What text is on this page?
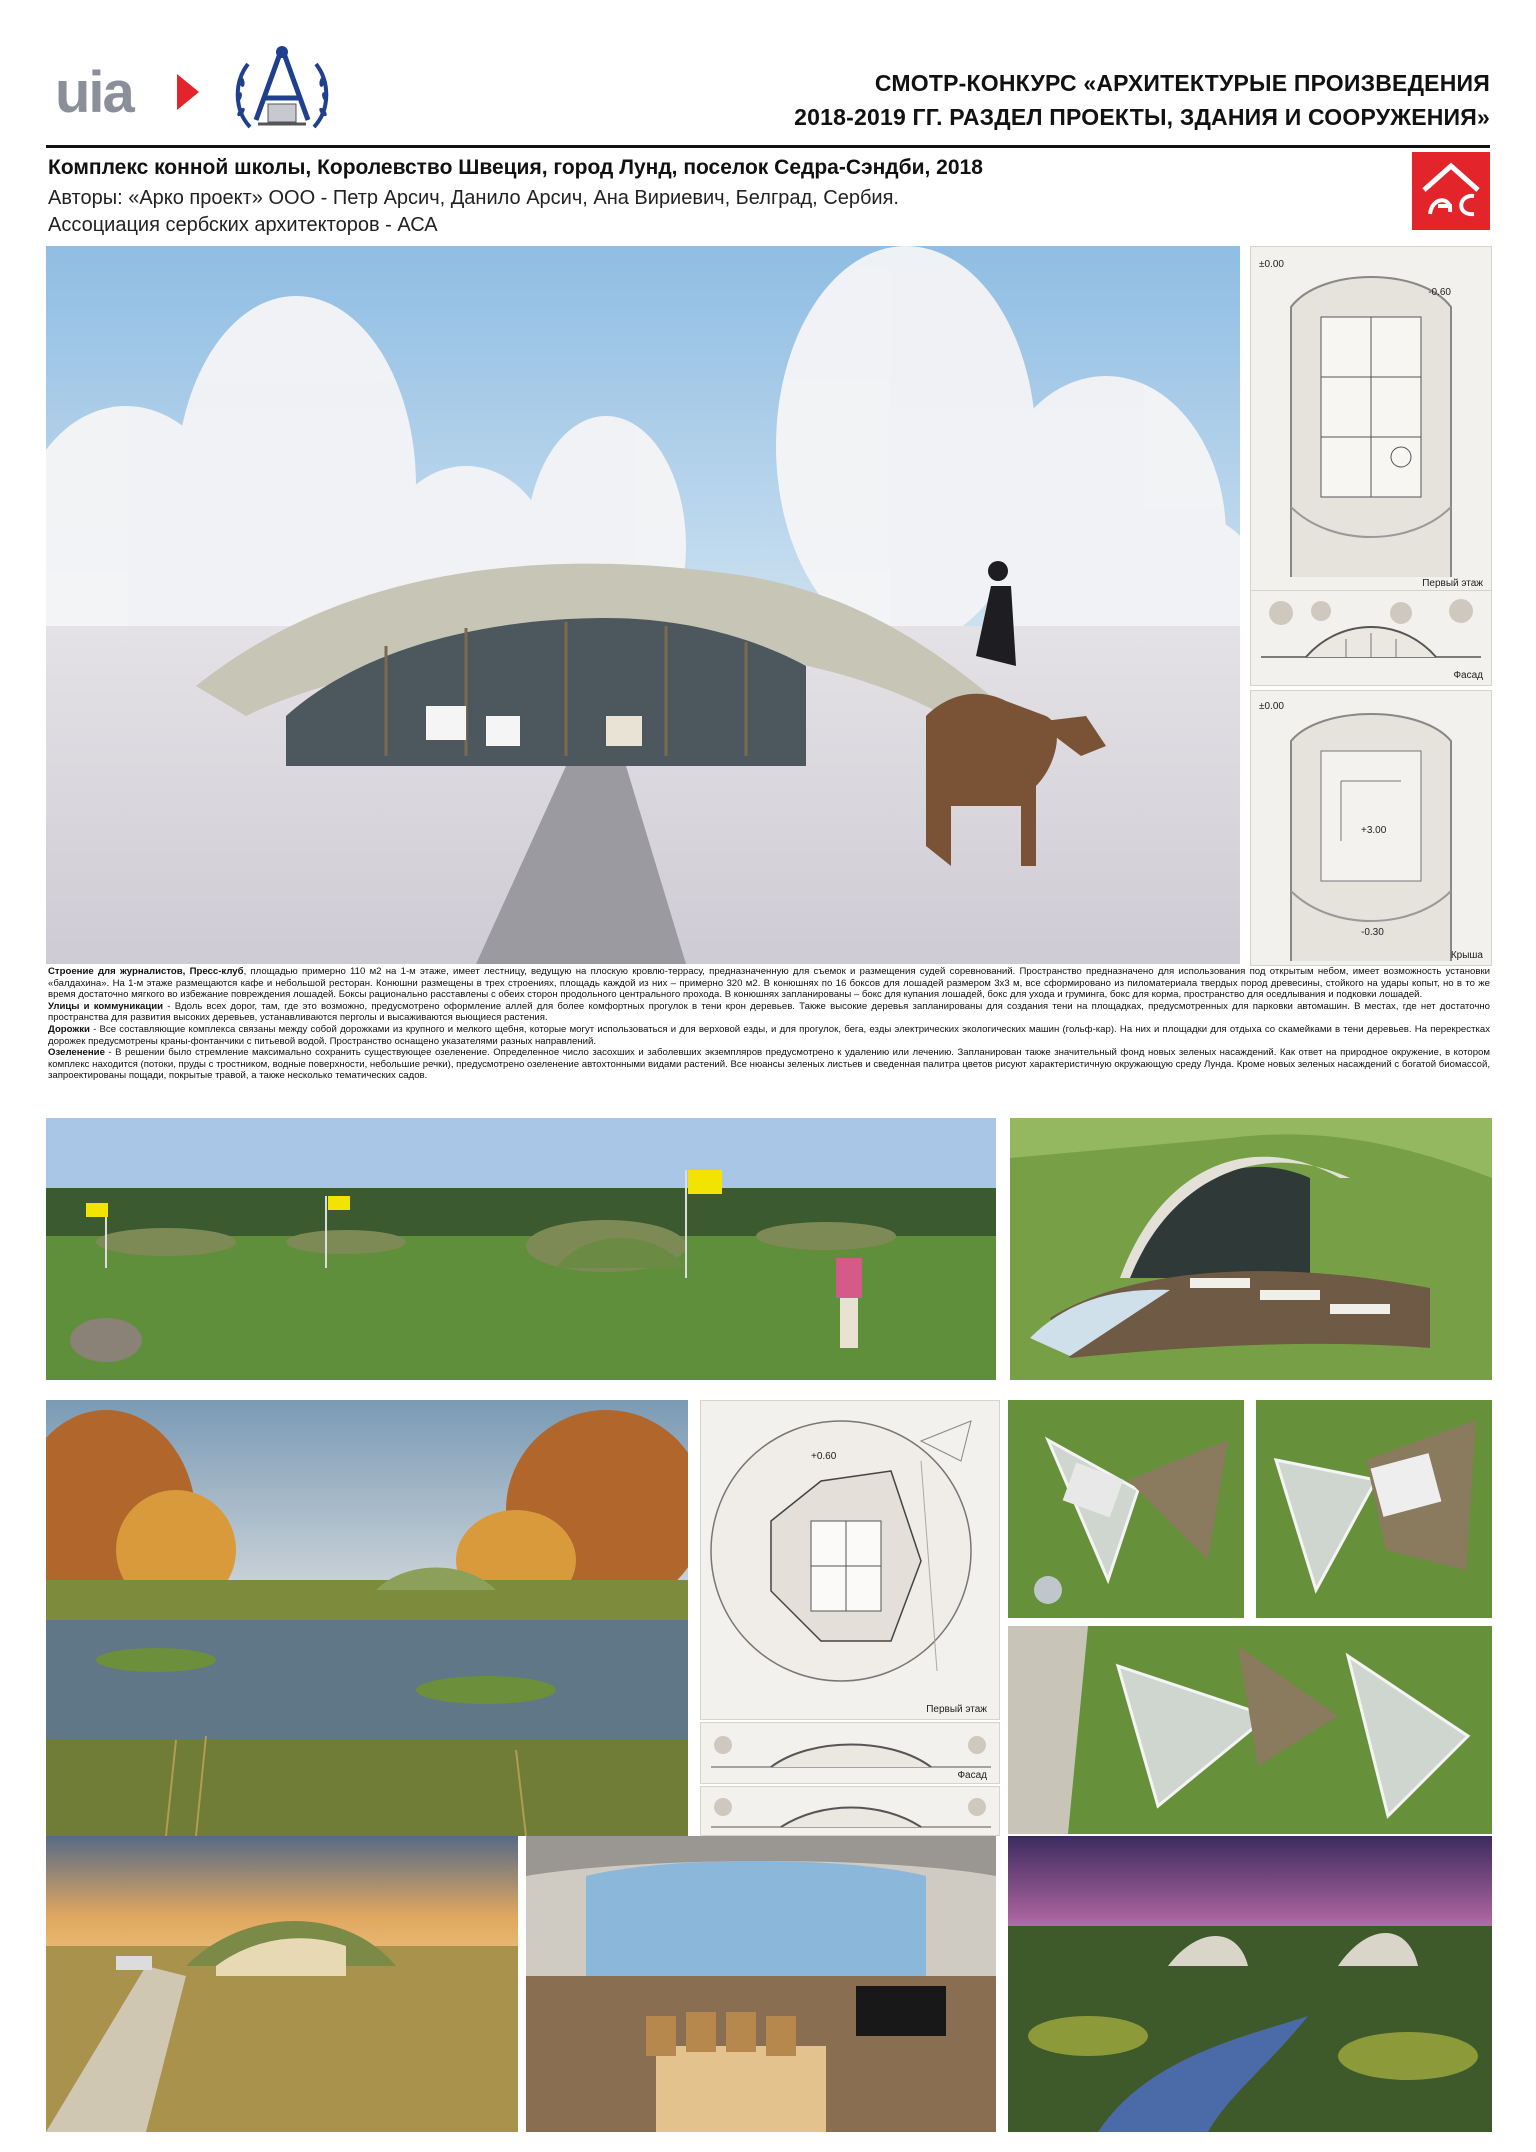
uia	СМОТР-КОНКУРС «АРХИТЕКТУРЫЕ ПРОИЗВЕДЕНИЯ
2018-2019 ГГ. РАЗДЕЛ ПРОЕКТЫ, ЗДАНИЯ И СООРУЖЕНИЯ»
Комплекс конной школы, Королевство Швеция, город Лунд, поселок Седра-Сэндби, 2018
Авторы: «Арко проект» ООО - Петр Арсич, Данило Арсич, Ана Вириевич, Белград, Сербия.
Ассоциация сербских архитекторов - АСА
±0.00
-0.60
Первый этаж
Фасад
±0.00
+3.00
-0.30
Крыша
Строение для журналистов, Пресс-клуб, площадью примерно 110 м2 на 1-м этаже, имеет лестницу, ведущую на плоскую кровлю-террасу, предназначенную для съемок и размещения судей соревнований. Пространство предназначено для использования под открытым небом, имеет возможность установки «балдахина». На 1-м этаже размещаются кафе и небольшой ресторан. Конюшни размещены в трех строениях, площадь каждой из них – примерно 320 м2. В конюшнях по 16 боксов для лошадей размером 3х3 м, все сформировано из пиломатериала твердых пород древесины, стойкого на удары копыт, но в то же время достаточно мягкого во избежание повреждения лошадей. Боксы рационально расставлены с обеих сторон продольного центрального прохода. В конюшнях запланированы – бокс для купания лошадей, бокс для ухода и груминга, бокс для корма, пространство для оседлывания и подковки лошадей.
Улицы и коммуникации - Вдоль всех дорог, там, где это возможно, предусмотрено оформление аллей для более комфортных прогулок в тени крон деревьев. Также высокие деревья запланированы для создания тени на площадках, предусмотренных для парковки автомашин. В местах, где нет достаточно пространства для развития высоких деревьев, устанавливаются перголы и высаживаются вьющиеся растения.
Дорожки - Все составляющие комплекса связаны между собой дорожками из крупного и мелкого щебня, которые могут использоваться и для верховой езды, и для прогулок, бега, езды электрических экологических машин (гольф-кар). На них и площадки для отдыха со скамейками в тени деревьев. На перекрестках дорожек предусмотрены краны-фонтанчики с питьевой водой. Пространство оснащено указателями разных направлений.
Озеленение - В решении было стремление максимально сохранить существующее озеленение. Определенное число засохших и заболевших экземпляров предусмотрено к удалению или лечению. Запланирован также значительный фонд новых зеленых насаждений. Как ответ на природное окружение, в котором комплекс находится (потоки, пруды с тростником, водные поверхности, небольшие речки), предусмотрено озеленение автохтонными видами растений. Все нюансы зеленых листьев и сведенная палитра цветов рисуют характеристичную окружающую среду Лунда. Кроме новых зеленых насаждений с богатой биомассой, запроектированы пощади, покрытые травой, а также несколько тематических садов.
+0.60
Первый этаж
Фасад
